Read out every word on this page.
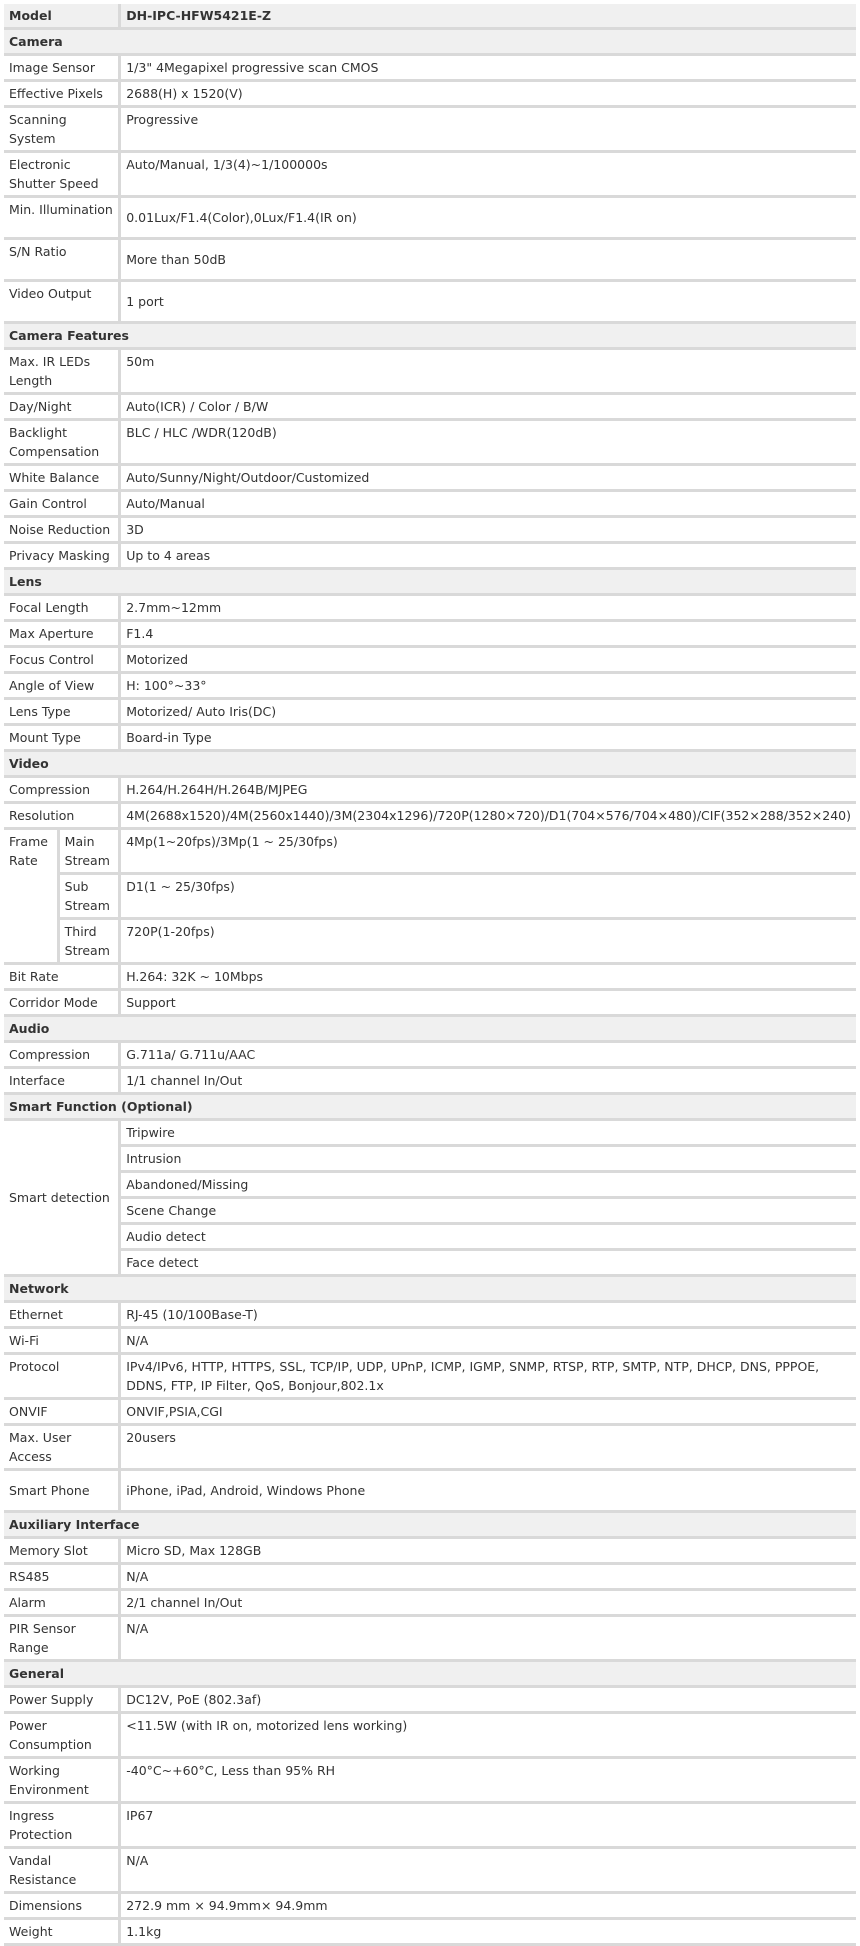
Model		DH-IPC-HFW5421E-Z
Camera		
Image Sensor		1/3" 4Megapixel progressive scan CMOS
Effective Pixels		2688(H) x 1520(V)
Scanning System		Progressive
Electronic Shutter Speed		Auto/Manual, 1/3(4)~1/100000s
Min. Illumination		0.01Lux/F1.4(Color),0Lux/F1.4(IR on)
S/N Ratio		More than 50dB
Video Output		1 port
Camera Features		
Max. IR LEDs Length		50m
Day/Night		Auto(ICR) / Color / B/W
Backlight Compensation		BLC / HLC /WDR(120dB)
White Balance		Auto/Sunny/Night/Outdoor/Customized
Gain Control		Auto/Manual
Noise Reduction		3D
Privacy Masking		Up to 4 areas
Lens		
Focal Length		2.7mm~12mm
Max Aperture		F1.4
Focus Control		Motorized
Angle of View		H: 100°~33°
Lens Type		Motorized/ Auto Iris(DC)
Mount Type		Board-in Type
Video		
Compression		H.264/H.264H/H.264B/MJPEG
Resolution		4M(2688x1520)/4M(2560x1440)/3M(2304x1296)/720P(1280×720)/D1(704×576/704×480)/CIF(352×288/352×240)
Frame Rate	Main Stream	4Mp(1~20fps)/3Mp(1 ~ 25/30fps)
	Sub Stream	D1(1 ~ 25/30fps)
	Third Stream	720P(1-20fps)
Bit Rate		H.264: 32K ~ 10Mbps
Corridor Mode		Support
Audio		
Compression		G.711a/ G.711u/AAC
Interface		1/1 channel In/Out
Smart Function (Optional)		
Smart detection		Tripwire
		Intrusion
		Abandoned/Missing
		Scene Change
		Audio detect
		Face detect
Network		
Ethernet		RJ-45 (10/100Base-T)
Wi-Fi		N/A
Protocol		IPv4/IPv6, HTTP, HTTPS, SSL, TCP/IP, UDP, UPnP, ICMP, IGMP, SNMP, RTSP, RTP, SMTP, NTP, DHCP, DNS, PPPOE, DDNS, FTP, IP Filter, QoS, Bonjour,802.1x
ONVIF		ONVIF,PSIA,CGI
Max. User Access		20users
Smart Phone		iPhone, iPad, Android, Windows Phone
Auxiliary Interface		
Memory Slot		Micro SD, Max 128GB
RS485		N/A
Alarm		2/1 channel In/Out
PIR Sensor Range		N/A
General		
Power Supply		DC12V, PoE (802.3af)
Power Consumption		<11.5W (with IR on, motorized lens working)
Working Environment		-40°C~+60°C, Less than 95% RH
Ingress Protection		IP67
Vandal Resistance		N/A
Dimensions		272.9 mm × 94.9mm× 94.9mm
Weight		1.1kg
